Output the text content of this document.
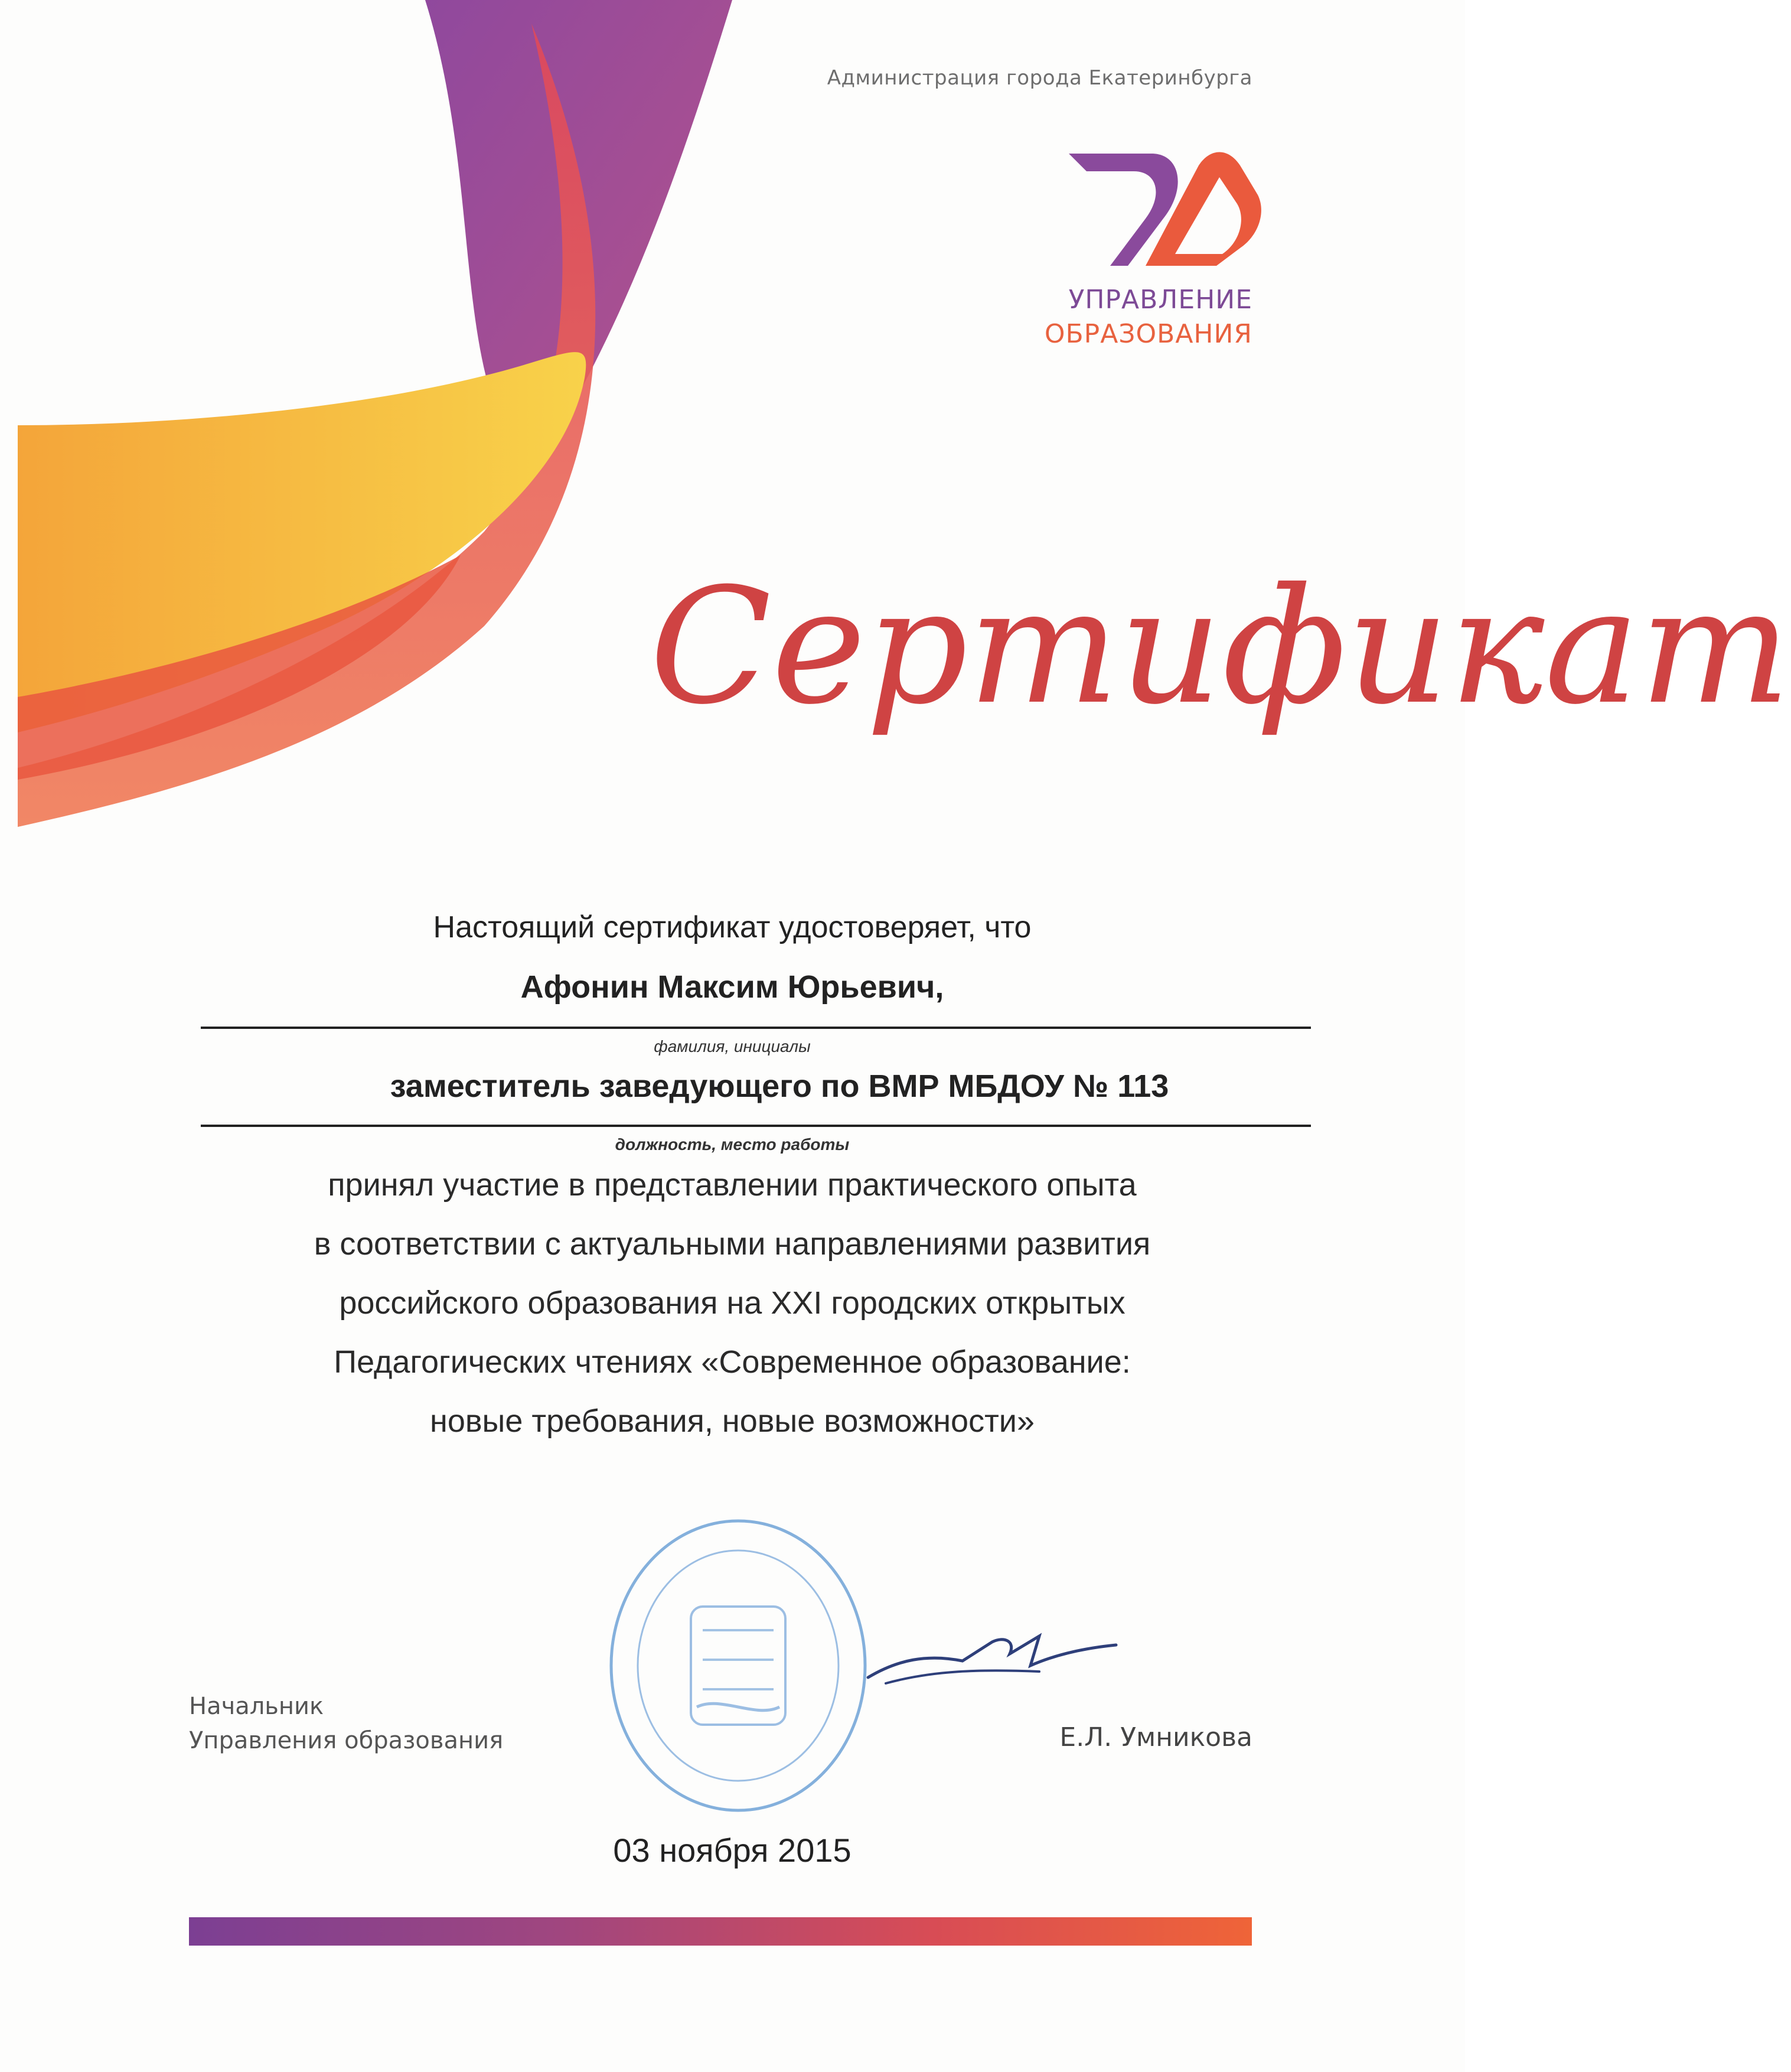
Администрация города Екатеринбурга
УПРАВЛЕНИЕ
ОБРАЗОВАНИЯ
Сертификат
Настоящий сертификат удостоверяет, что
Афонин Максим Юрьевич,
фамилия, инициалы
заместитель заведующего по ВМР МБДОУ № 113
должность, место работы
принял участие в представлении практического опыта
в соответствии с актуальными направлениями развития
российского образования на XXI городских открытых
Педагогических чтениях «Современное образование:
новые требования, новые возможности»
Начальник
Управления образования	Е.Л. Умникова
03 ноября 2015
